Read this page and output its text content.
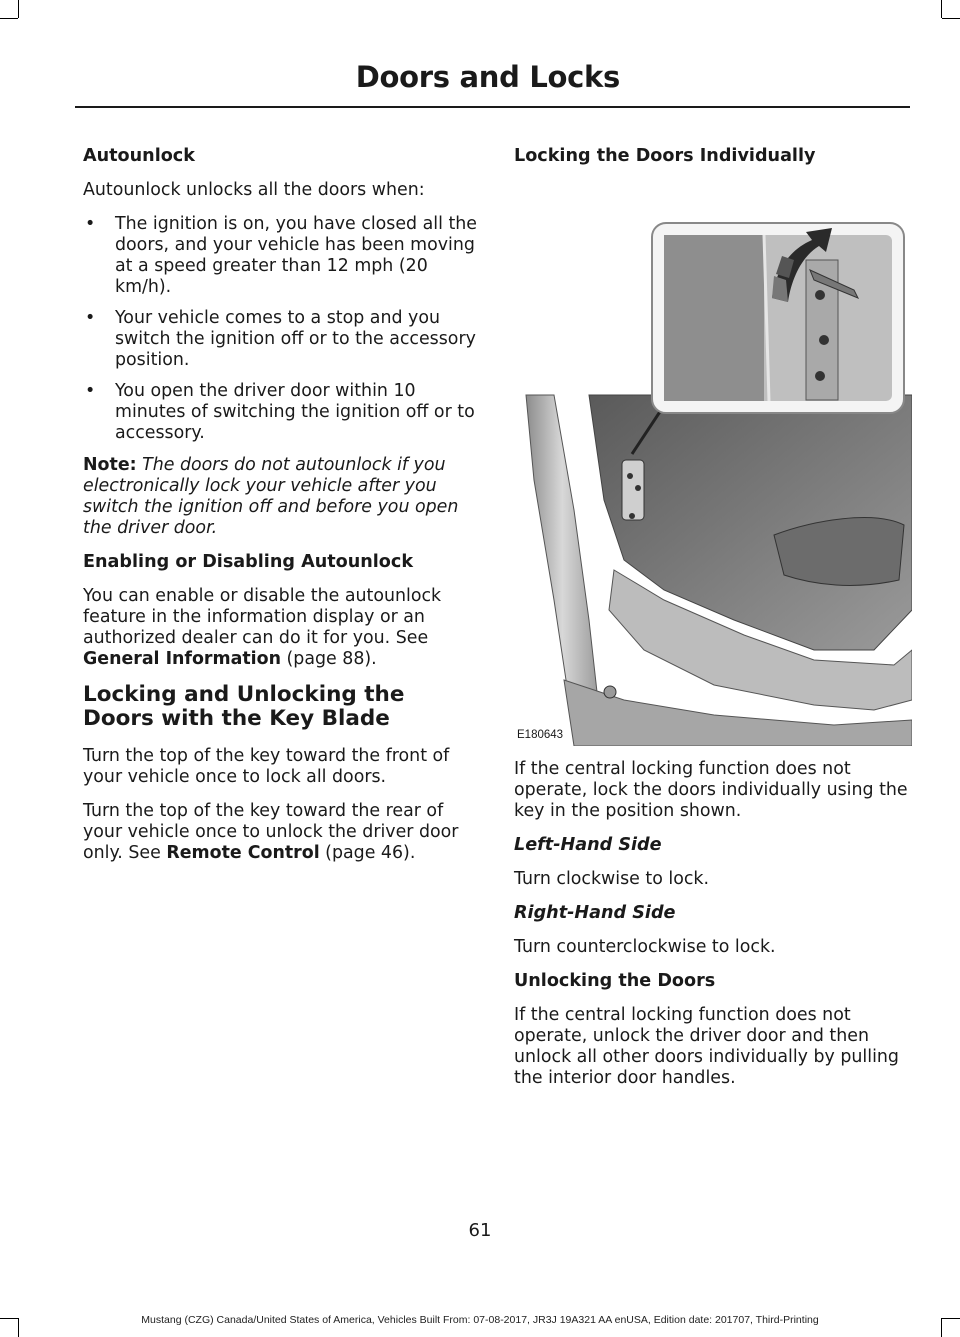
Doors and Locks
Autounlock

Autounlock unlocks all the doors when:

• The ignition is on, you have closed all the doors, and your vehicle has been moving at a speed greater than 12 mph (20 km/h).
• Your vehicle comes to a stop and you switch the ignition off or to the accessory position.
• You open the driver door within 10 minutes of switching the ignition off or to accessory.

Note: The doors do not autounlock if you electronically lock your vehicle after you switch the ignition off and before you open the driver door.

Enabling or Disabling Autounlock

You can enable or disable the autounlock feature in the information display or an authorized dealer can do it for you. See
General Information (page 88).

Locking and Unlocking the Doors with the Key Blade

Turn the top of the key toward the front of your vehicle once to lock all doors.

Turn the top of the key toward the rear of your vehicle once to unlock the driver door only. See Remote Control (page 46).

Locking the Doors Individually
E180643

If the central locking function does not operate, lock the doors individually using the key in the position shown.

Left-Hand Side

Turn clockwise to lock.

Right-Hand Side

Turn counterclockwise to lock.

Unlocking the Doors

If the central locking function does not operate, unlock the driver door and then unlock all other doors individually by pulling the interior door handles.

61
Mustang (CZG) Canada/United States of America, Vehicles Built From: 07-08-2017, JR3J 19A321 AA enUSA, Edition date: 201707, Third-Printing
